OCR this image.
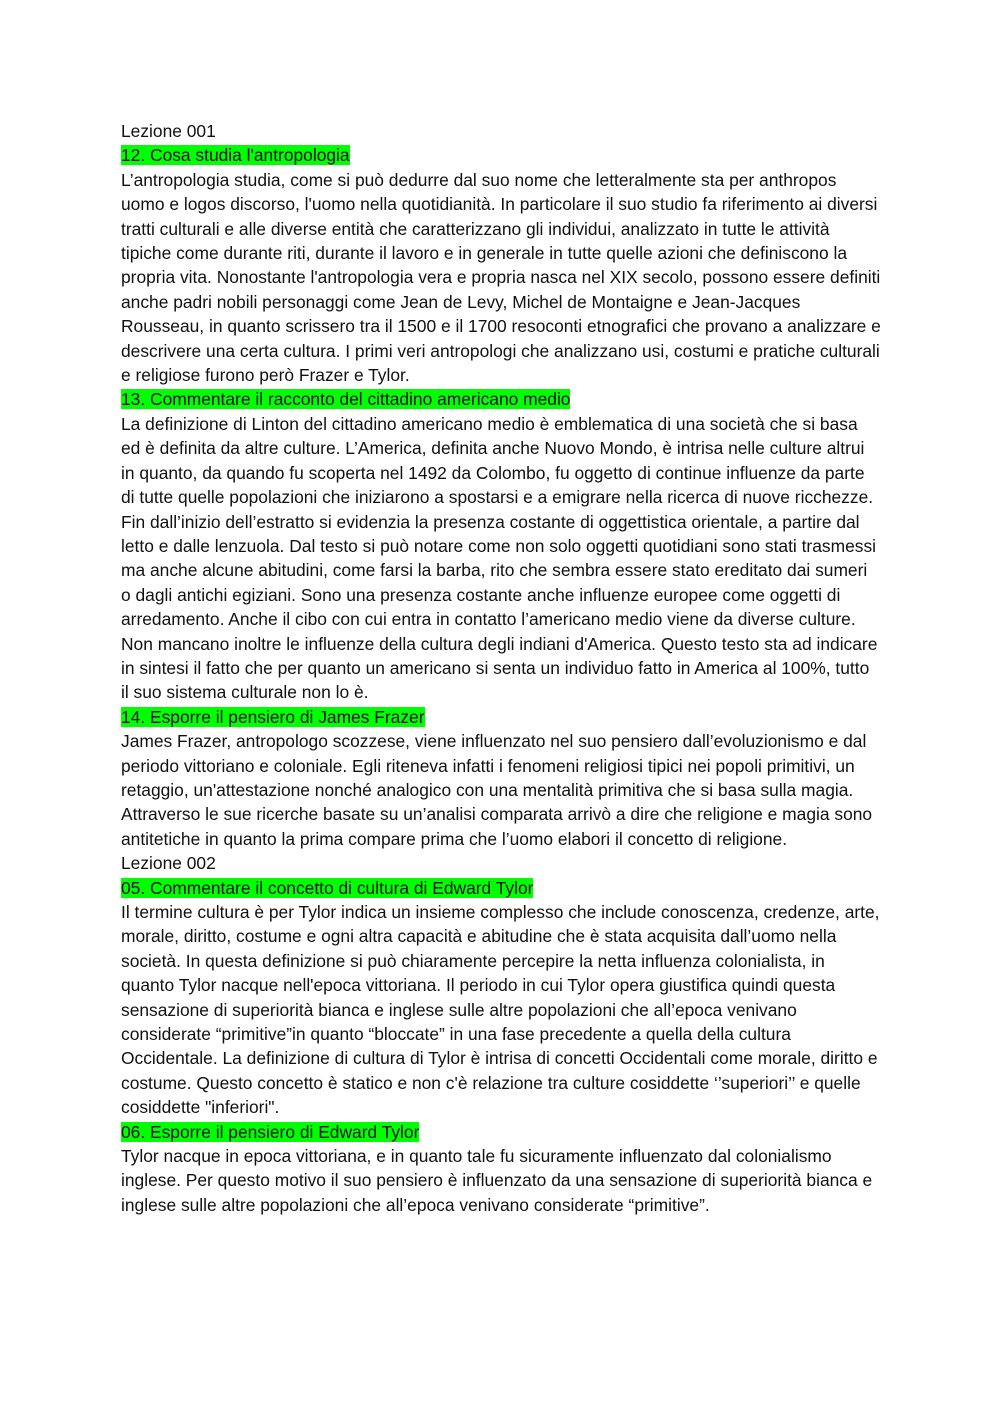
Lezione 001

12. Cosa studia l'antropologia

L’antropologia studia, come si può dedurre dal suo nome che letteralmente sta per anthropos uomo e logos discorso, l'uomo nella quotidianità. In particolare il suo studio fa riferimento ai diversi tratti culturali e alle diverse entità che caratterizzano gli individui, analizzato in tutte le attività tipiche come durante riti, durante il lavoro e in generale in tutte quelle azioni che definiscono la propria vita. Nonostante l'antropologia vera e propria nasca nel XIX secolo, possono essere definiti anche padri nobili personaggi come Jean de Levy, Michel de Montaigne e Jean-Jacques Rousseau, in quanto scrissero tra il 1500 e il 1700 resoconti etnografici che provano a analizzare e descrivere una certa cultura. I primi veri antropologi che analizzano usi, costumi e pratiche culturali e religiose furono però Frazer e Tylor.

13. Commentare il racconto del cittadino americano medio

La definizione di Linton del cittadino americano medio è emblematica di una società che si basa ed è definita da altre culture. L’America, definita anche Nuovo Mondo, è intrisa nelle culture altrui in quanto, da quando fu scoperta nel 1492 da Colombo, fu oggetto di continue influenze da parte di tutte quelle popolazioni che iniziarono a spostarsi e a emigrare nella ricerca di nuove ricchezze. Fin dall’inizio dell’estratto si evidenzia la presenza costante di oggettistica orientale, a partire dal letto e dalle lenzuola. Dal testo si può notare come non solo oggetti quotidiani sono stati trasmessi ma anche alcune abitudini, come farsi la barba, rito che sembra essere stato ereditato dai sumeri o dagli antichi egiziani. Sono una presenza costante anche influenze europee come oggetti di arredamento. Anche il cibo con cui entra in contatto l’americano medio viene da diverse culture. Non mancano inoltre le influenze della cultura degli indiani d'America. Questo testo sta ad indicare in sintesi il fatto che per quanto un americano si senta un individuo fatto in America al 100%, tutto il suo sistema culturale non lo è.

14. Esporre il pensiero di James Frazer

James Frazer, antropologo scozzese, viene influenzato nel suo pensiero dall’evoluzionismo e dal periodo vittoriano e coloniale. Egli riteneva infatti i fenomeni religiosi tipici nei popoli primitivi, un retaggio, un'attestazione nonché analogico con una mentalità primitiva che si basa sulla magia. Attraverso le sue ricerche basate su un’analisi comparata arrivò a dire che religione e magia sono antitetiche in quanto la prima compare prima che l’uomo elabori il concetto di religione.

Lezione 002

05. Commentare il concetto di cultura di Edward Tylor

Il termine cultura è per Tylor indica un insieme complesso che include conoscenza, credenze, arte, morale, diritto, costume e ogni altra capacità e abitudine che è stata acquisita dall’uomo nella società. In questa definizione si può chiaramente percepire la netta influenza colonialista, in quanto Tylor nacque nell'epoca vittoriana. Il periodo in cui Tylor opera giustifica quindi questa sensazione di superiorità bianca e inglese sulle altre popolazioni che all’epoca venivano considerate “primitive”in quanto “bloccate” in una fase precedente a quella della cultura Occidentale. La definizione di cultura di Tylor è intrisa di concetti Occidentali come morale, diritto e costume. Questo concetto è statico e non c'è relazione tra culture cosiddette ‘’superiori’’ e quelle cosiddette "inferiori".

06. Esporre il pensiero di Edward Tylor

Tylor nacque in epoca vittoriana, e in quanto tale fu sicuramente influenzato dal colonialismo inglese. Per questo motivo il suo pensiero è influenzato da una sensazione di superiorità bianca e inglese sulle altre popolazioni che all’epoca venivano considerate “primitive”.
